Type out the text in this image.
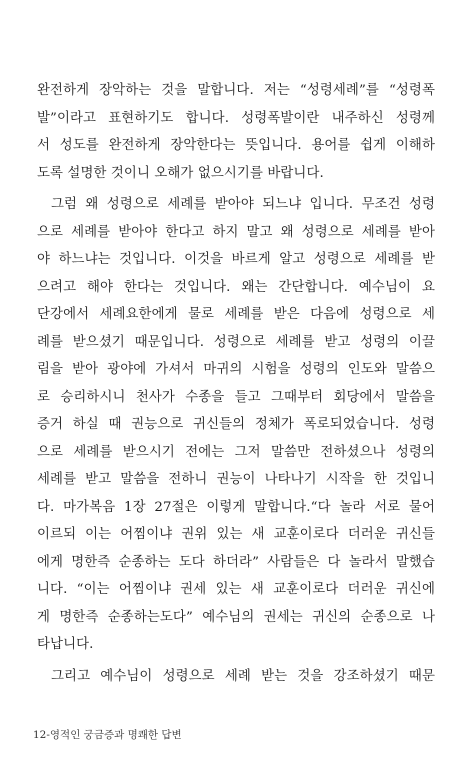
완전하게 장악하는 것을 말합니다. 저는 “성령세례”를 “성령폭
발”이라고 표현하기도 합니다. 성령폭발이란 내주하신 성령께
서 성도를 완전하게 장악한다는 뜻입니다. 용어를 쉽게 이해하
도록 설명한 것이니 오해가 없으시기를 바랍니다.
그럼 왜 성령으로 세례를 받아야 되느냐 입니다. 무조건 성령
으로 세례를 받아야 한다고 하지 말고 왜 성령으로 세례를 받아
야 하느냐는 것입니다. 이것을 바르게 알고 성령으로 세례를 받
으려고 해야 한다는 것입니다. 왜는 간단합니다. 예수님이 요
단강에서 세례요한에게 물로 세례를 받은 다음에 성령으로 세
례를 받으셨기 때문입니다. 성령으로 세례를 받고 성령의 이끌
림을 받아 광야에 가셔서 마귀의 시험을 성령의 인도와 말씀으
로 승리하시니 천사가 수종을 들고 그때부터 회당에서 말씀을
증거 하실 때 권능으로 귀신들의 정체가 폭로되었습니다. 성령
으로 세례를 받으시기 전에는 그저 말씀만 전하셨으나 성령의
세례를 받고 말씀을 전하니 권능이 나타나기 시작을 한 것입니
다. 마가복음 1장 27절은 이렇게 말합니다.“다 놀라 서로 물어
이르되 이는 어찜이냐 권위 있는 새 교훈이로다 더러운 귀신들
에게 명한즉 순종하는 도다 하더라” 사람들은 다 놀라서 말했습
니다. “이는 어찜이냐 권세 있는 새 교훈이로다 더러운 귀신에
게 명한즉 순종하는도다” 예수님의 권세는 귀신의 순종으로 나
타납니다.
그리고 예수님이 성령으로 세례 받는 것을 강조하셨기 때문
12-영적인 궁금증과 명쾌한 답변
